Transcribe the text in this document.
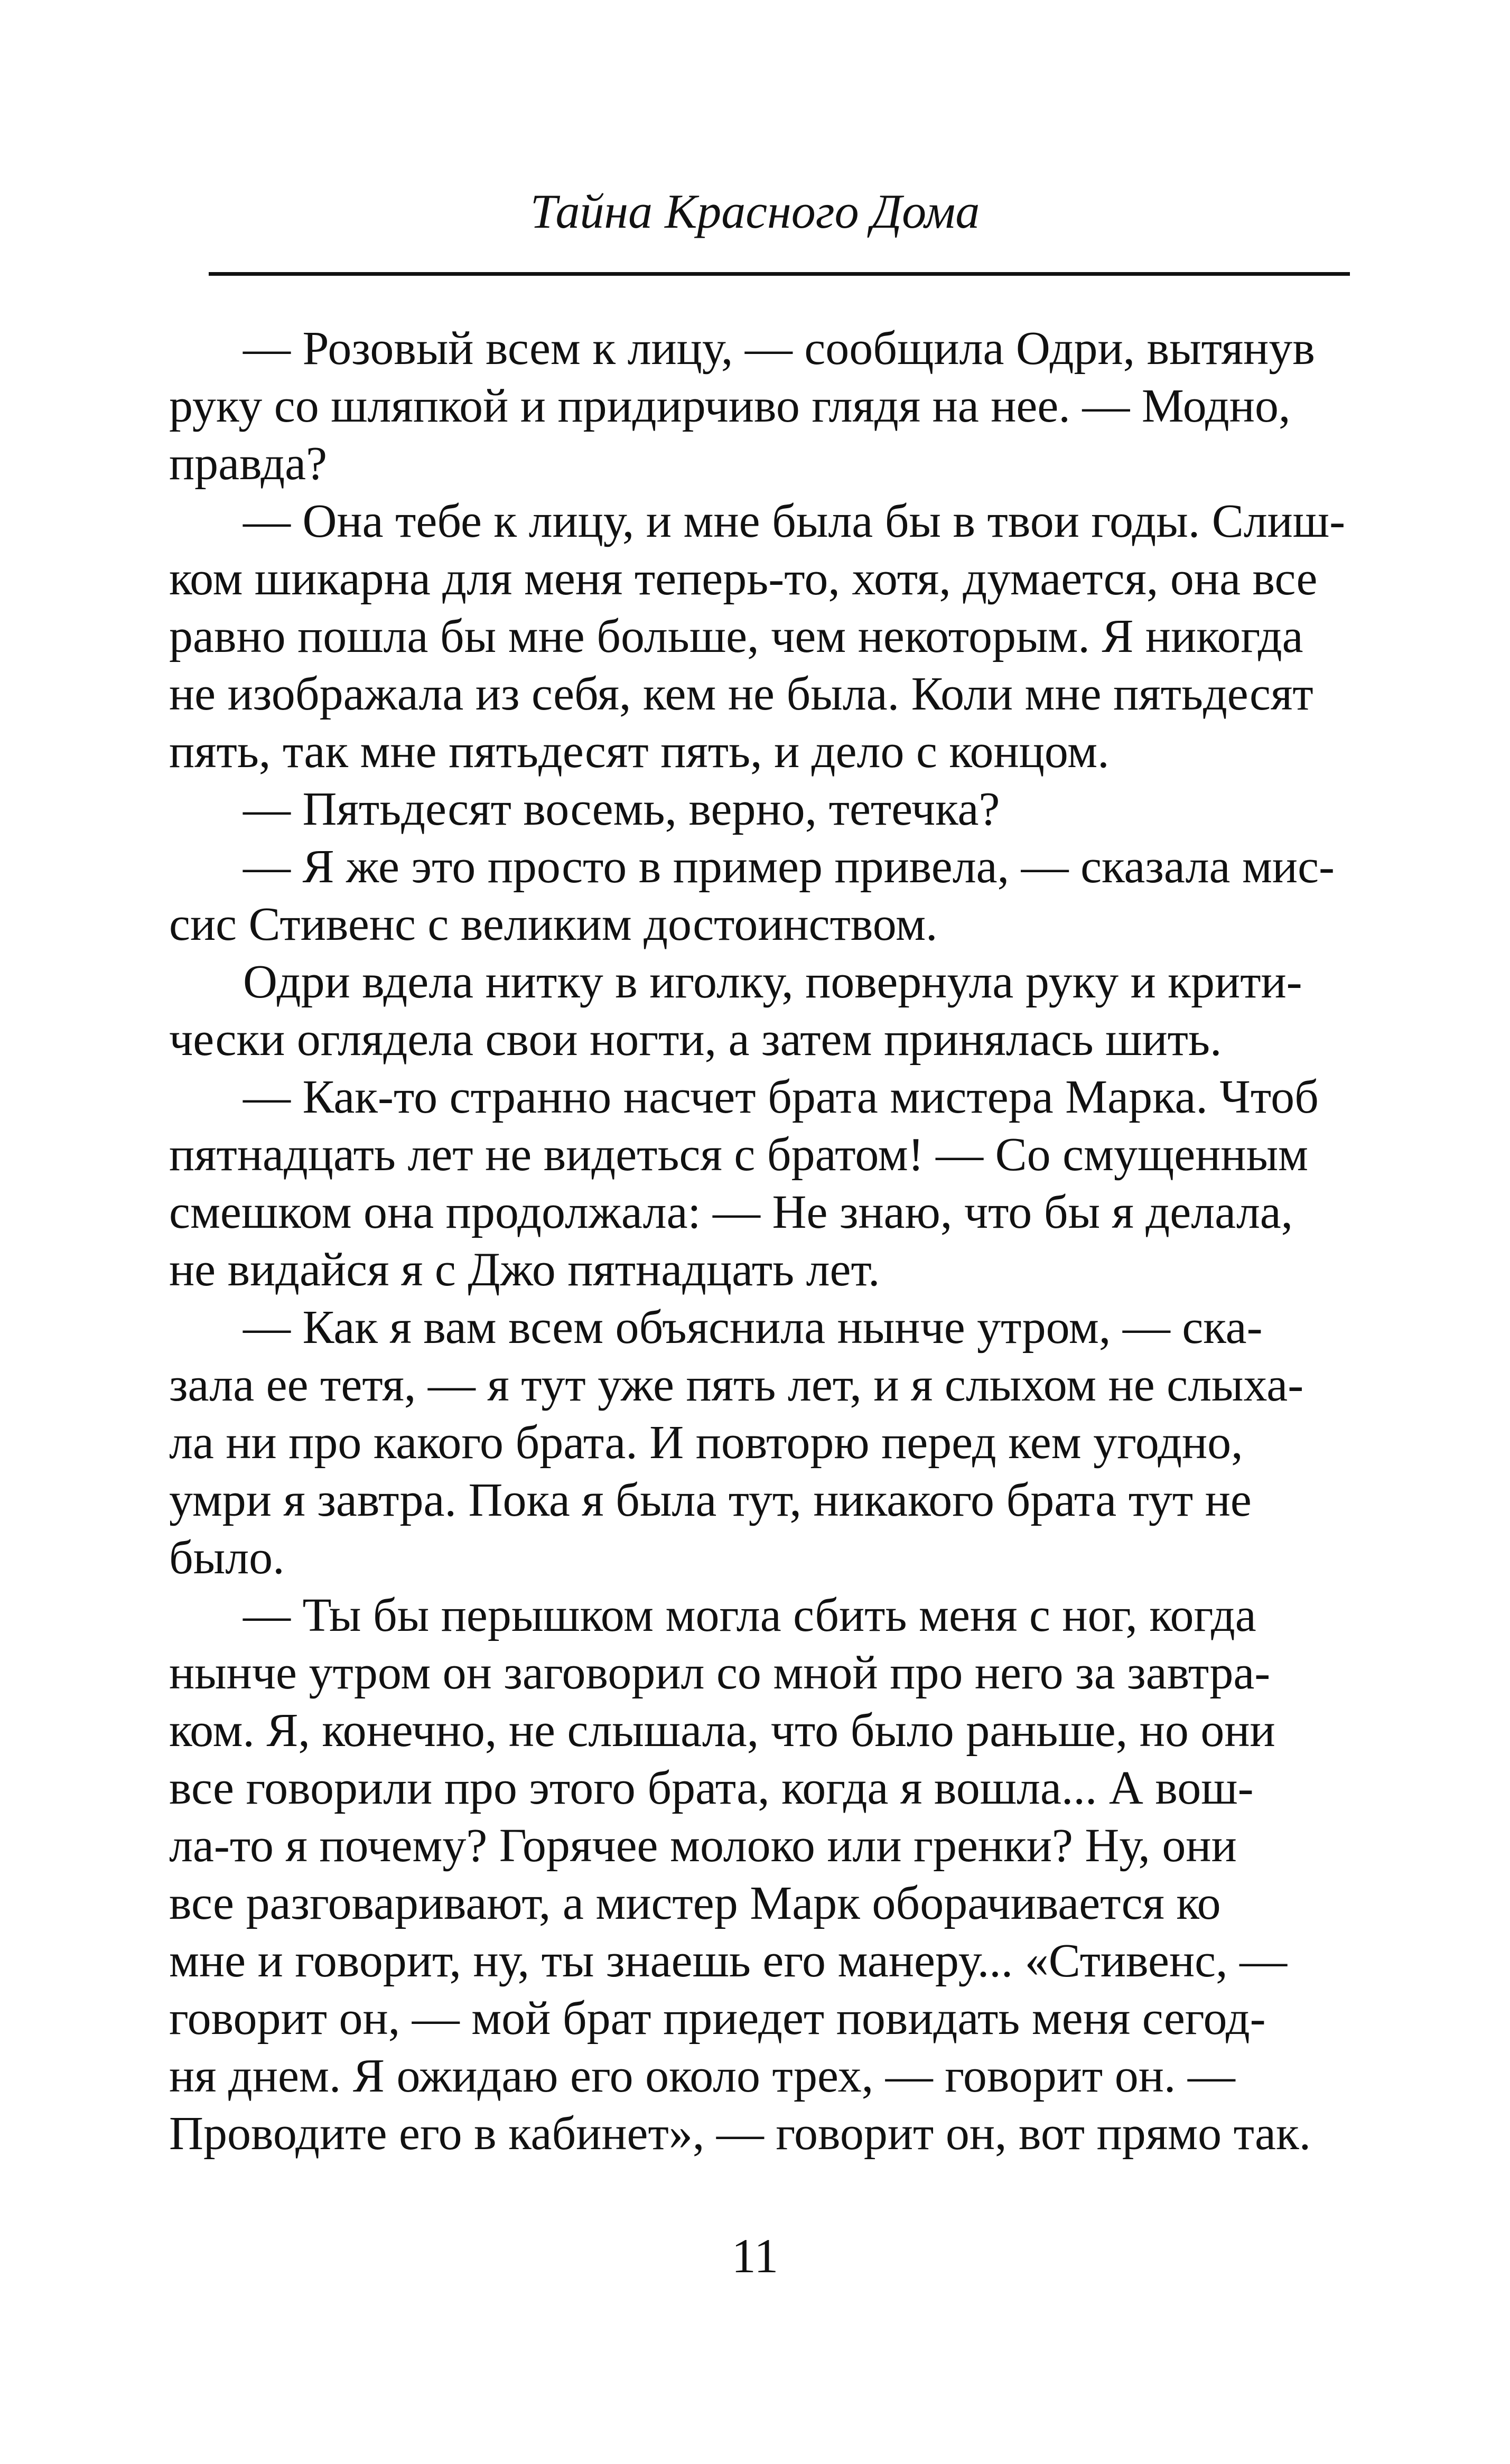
Тайна Красного Дома
— Розовый всем к лицу, — сообщила Одри, вытянув
руку со шляпкой и придирчиво глядя на нее. — Модно,
правда?
— Она тебе к лицу, и мне была бы в твои годы. Слиш-
ком шикарна для меня теперь-то, хотя, думается, она все
равно пошла бы мне больше, чем некоторым. Я никогда
не изображала из себя, кем не была. Коли мне пятьдесят
пять, так мне пятьдесят пять, и дело с концом.
— Пятьдесят восемь, верно, тетечка?
— Я же это просто в пример привела, — сказала мис-
сис Стивенс с великим достоинством.
Одри вдела нитку в иголку, повернула руку и крити-
чески оглядела свои ногти, а затем принялась шить.
— Как-то странно насчет брата мистера Марка. Чтоб
пятнадцать лет не видеться с братом! — Со смущенным
смешком она продолжала: — Не знаю, что бы я делала,
не видайся я с Джо пятнадцать лет.
— Как я вам всем объяснила нынче утром, — ска-
зала ее тетя, — я тут уже пять лет, и я слыхом не слыха-
ла ни про какого брата. И повторю перед кем угодно,
умри я завтра. Пока я была тут, никакого брата тут не
было.
— Ты бы перышком могла сбить меня с ног, когда
нынче утром он заговорил со мной про него за завтра-
ком. Я, конечно, не слышала, что было раньше, но они
все говорили про этого брата, когда я вошла... А вош-
ла-то я почему? Горячее молоко или гренки? Ну, они
все разговаривают, а мистер Марк оборачивается ко
мне и говорит, ну, ты знаешь его манеру... «Стивенс, —
говорит он, — мой брат приедет повидать меня сегод-
ня днем. Я ожидаю его около трех, — говорит он. —
Проводите его в кабинет», — говорит он, вот прямо так.
11
